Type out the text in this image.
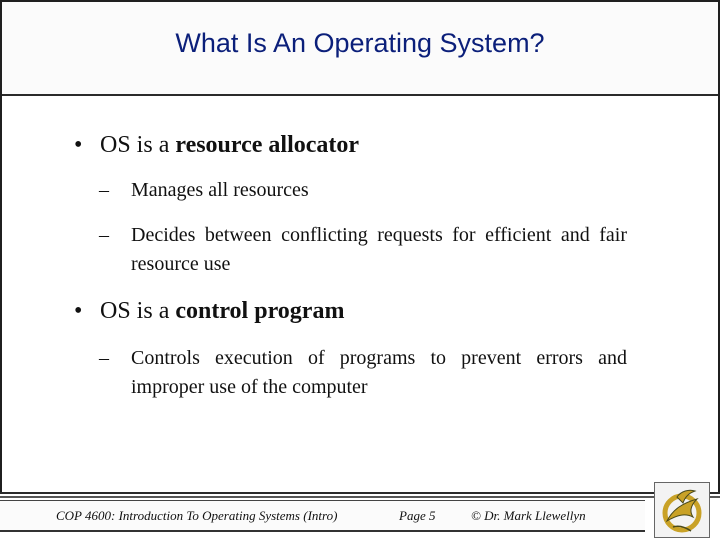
What Is An Operating System?
• OS is a resource allocator
– Manages all resources
– Decides between conflicting requests for efficient and fair resource use
• OS is a control program
– Controls execution of programs to prevent errors and improper use of the computer
COP 4600: Introduction To Operating Systems (Intro)	Page 5	© Dr. Mark Llewellyn
